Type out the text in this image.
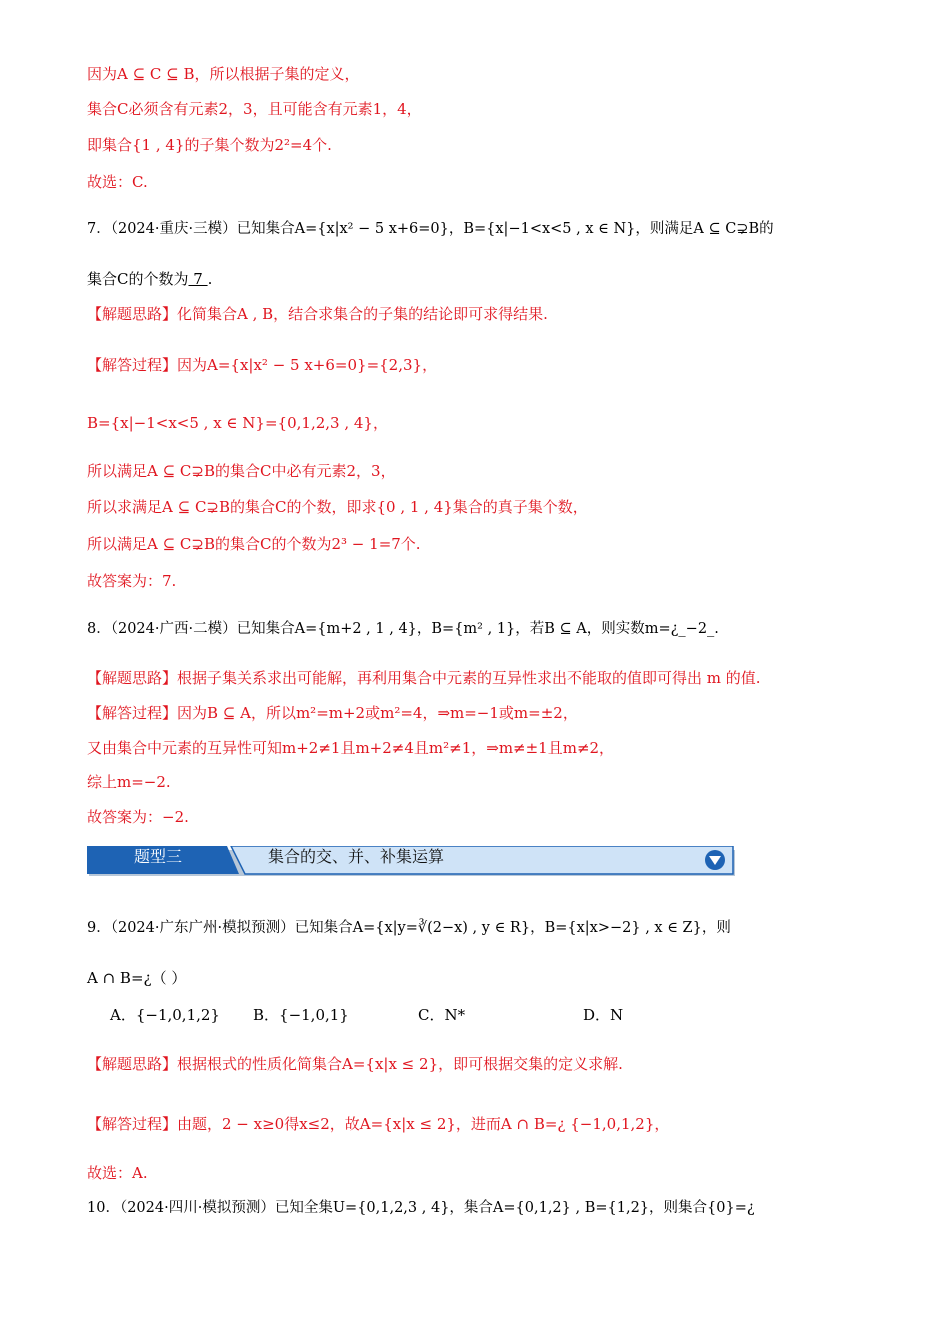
因为A ⊆ C ⊆ B，所以根据子集的定义，
集合C必须含有元素2，3，且可能含有元素1，4，
即集合{1 , 4}的子集个数为2²=4个.
故选：C.
7．（2024·重庆·三模）已知集合A={x|x² − 5 x+6=0}，B={x|−1<x<5 , x ∈ N}，则满足A ⊆ C⊋B的
集合C的个数为 7 .
【解题思路】化简集合A , B，结合求集合的子集的结论即可求得结果.
【解答过程】因为A={x|x² − 5 x+6=0}={2,3}，
B={x|−1<x<5 , x ∈ N}={0,1,2,3 , 4}，
所以满足A ⊆ C⊋B的集合C中必有元素2，3，
所以求满足A ⊆ C⊋B的集合C的个数，即求{0 , 1 , 4}集合的真子集个数，
所以满足A ⊆ C⊋B的集合C的个数为2³ − 1=7个.
故答案为：7.
8．（2024·广西·二模）已知集合A={m+2 , 1 , 4}，B={m² , 1}，若B ⊆ A，则实数m=¿_−2_.
【解题思路】根据子集关系求出可能解，再利用集合中元素的互异性求出不能取的值即可得出 m 的值.
【解答过程】因为B ⊆ A，所以m²=m+2或m²=4，⇒m=−1或m=±2，
又由集合中元素的互异性可知m+2≠1且m+2≠4且m²≠1，⇒m≠±1且m≠2，
综上m=−2.
故答案为：−2.
题型三	集合的交、并、补集运算
9．（2024·广东广州·模拟预测）已知集合A={x|y=∛(2−x) , y ∈ R}，B={x|x>−2} , x ∈ Z}，则
A ∩ B=¿（ ）
A．{−1,0,1,2} B．{−1,0,1}	C．N*	D．N
【解题思路】根据根式的性质化简集合A={x|x ≤ 2}，即可根据交集的定义求解.
【解答过程】由题，2 − x≥0得x≤2，故A={x|x ≤ 2}，进而A ∩ B=¿ {−1,0,1,2}，
故选：A.
10．（2024·四川·模拟预测）已知全集U={0,1,2,3 , 4}，集合A={0,1,2} , B={1,2}，则集合{0}=¿
